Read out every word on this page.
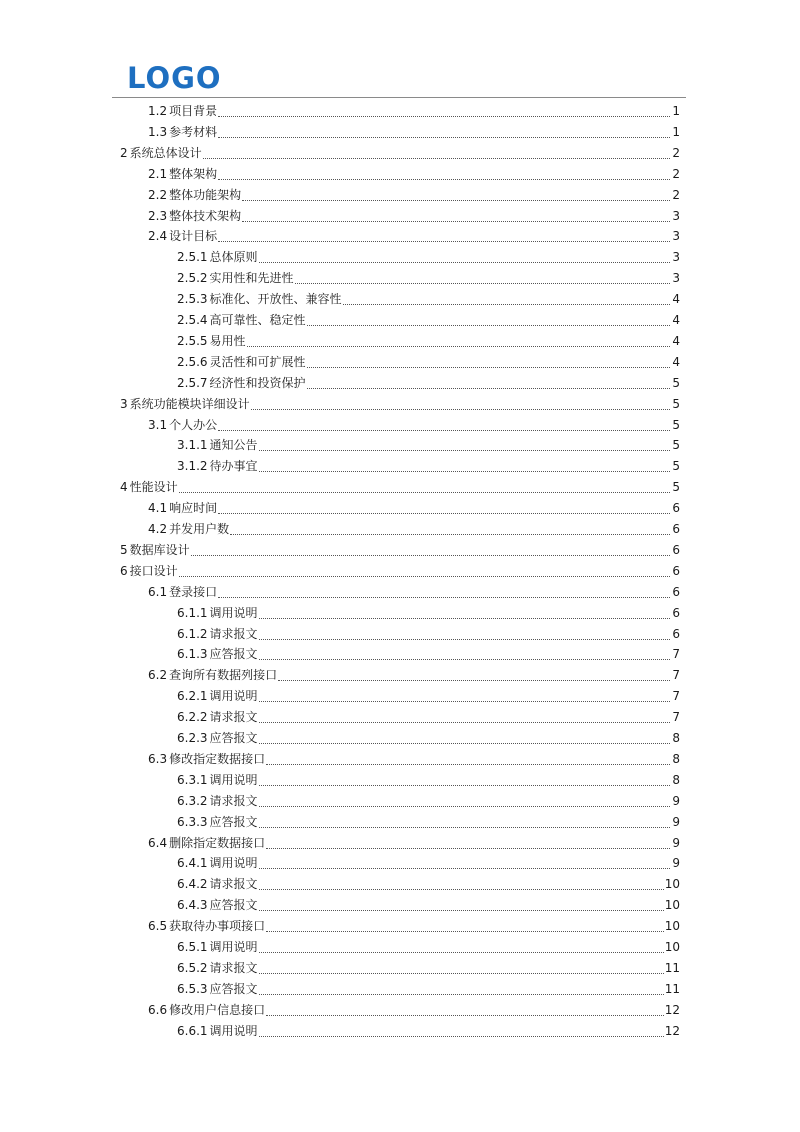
LOGO
1.2 项目背景	1
1.3 参考材料	1
2 系统总体设计	2
2.1 整体架构	2
2.2 整体功能架构	2
2.3 整体技术架构	3
2.4 设计目标	3
2.5.1 总体原则	3
2.5.2 实用性和先进性	3
2.5.3 标准化、开放性、兼容性	4
2.5.4 高可靠性、稳定性	4
2.5.5 易用性	4
2.5.6 灵活性和可扩展性	4
2.5.7 经济性和投资保护	5
3 系统功能模块详细设计	5
3.1 个人办公	5
3.1.1 通知公告	5
3.1.2 待办事宜	5
4 性能设计	5
4.1 响应时间	6
4.2 并发用户数	6
5 数据库设计	6
6 接口设计	6
6.1 登录接口	6
6.1.1 调用说明	6
6.1.2 请求报文	6
6.1.3 应答报文	7
6.2 查询所有数据列接口	7
6.2.1 调用说明	7
6.2.2 请求报文	7
6.2.3 应答报文	8
6.3 修改指定数据接口	8
6.3.1 调用说明	8
6.3.2 请求报文	9
6.3.3 应答报文	9
6.4 删除指定数据接口	9
6.4.1 调用说明	9
6.4.2 请求报文	10
6.4.3 应答报文	10
6.5 获取待办事项接口	10
6.5.1 调用说明	10
6.5.2 请求报文	11
6.5.3 应答报文	11
6.6 修改用户信息接口	12
6.6.1 调用说明	12
